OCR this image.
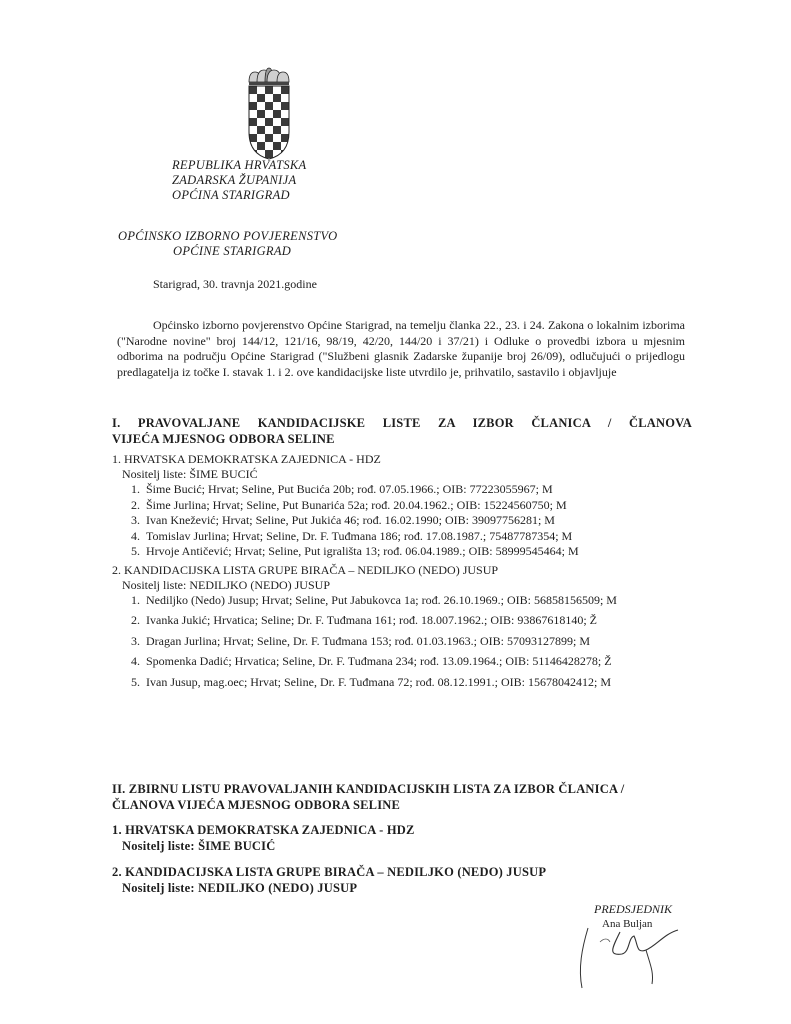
REPUBLIKA HRVATSKA
ZADARSKA ŽUPANIJA
OPĆINA STARIGRAD
OPĆINSKO IZBORNO POVJERENSTVO
OPĆINE STARIGRAD
Starigrad, 30. travnja 2021.godine
Općinsko izborno povjerenstvo Općine Starigrad, na temelju članka 22., 23. i 24. Zakona o lokalnim izborima ("Narodne novine" broj 144/12, 121/16, 98/19, 42/20, 144/20 i 37/21) i Odluke o provedbi izbora u mjesnim odborima na području Općine Starigrad ("Službeni glasnik Zadarske županije broj 26/09), odlučujući o prijedlogu predlagatelja iz točke I. stavak 1. i 2. ove kandidacijske liste utvrdilo je, prihvatilo, sastavilo i objavljuje
I. PRAVOVALJANE KANDIDACIJSKE LISTE ZA IZBOR ČLANICA / ČLANOVA
VIJEĆA MJESNOG ODBORA SELINE
1. HRVATSKA DEMOKRATSKA ZAJEDNICA - HDZ
Nositelj liste: ŠIME BUCIĆ
1. Šime Bucić; Hrvat; Seline, Put Bucića 20b; rođ. 07.05.1966.; OIB: 77223055967; M
2. Šime Jurlina; Hrvat; Seline, Put Bunarića 52a; rođ. 20.04.1962.; OIB: 15224560750; M
3. Ivan Knežević; Hrvat; Seline, Put Jukića 46; rođ. 16.02.1990; OIB: 39097756281; M
4. Tomislav Jurlina; Hrvat; Seline, Dr. F. Tuđmana 186; rođ. 17.08.1987.; 75487787354; M
5. Hrvoje Antičević; Hrvat; Seline, Put igrališta 13; rođ. 06.04.1989.; OIB: 58999545464; M
2. KANDIDACIJSKA LISTA GRUPE BIRAČA – NEDILJKO (NEDO) JUSUP
Nositelj liste: NEDILJKO (NEDO) JUSUP
1. Nediljko (Nedo) Jusup; Hrvat; Seline, Put Jabukovca 1a; rođ. 26.10.1969.; OIB: 56858156509; M
2. Ivanka Jukić; Hrvatica; Seline; Dr. F. Tuđmana 161; rođ. 18.007.1962.; OIB: 93867618140; Ž
3. Dragan Jurlina; Hrvat; Seline, Dr. F. Tuđmana 153; rođ. 01.03.1963.; OIB: 57093127899; M
4. Spomenka Dadić; Hrvatica; Seline, Dr. F. Tuđmana 234; rođ. 13.09.1964.; OIB: 51146428278; Ž
5. Ivan Jusup, mag.oec; Hrvat; Seline, Dr. F. Tuđmana 72; rođ. 08.12.1991.; OIB: 15678042412; M
II. ZBIRNU LISTU PRAVOVALJANIH KANDIDACIJSKIH LISTA ZA IZBOR ČLANICA /
ČLANOVA VIJEĆA MJESNOG ODBORA SELINE
1. HRVATSKA DEMOKRATSKA ZAJEDNICA - HDZ
Nositelj liste: ŠIME BUCIĆ
2. KANDIDACIJSKA LISTA GRUPE BIRAČA – NEDILJKO (NEDO) JUSUP
Nositelj liste: NEDILJKO (NEDO) JUSUP
PREDSJEDNIK
Ana Buljan
